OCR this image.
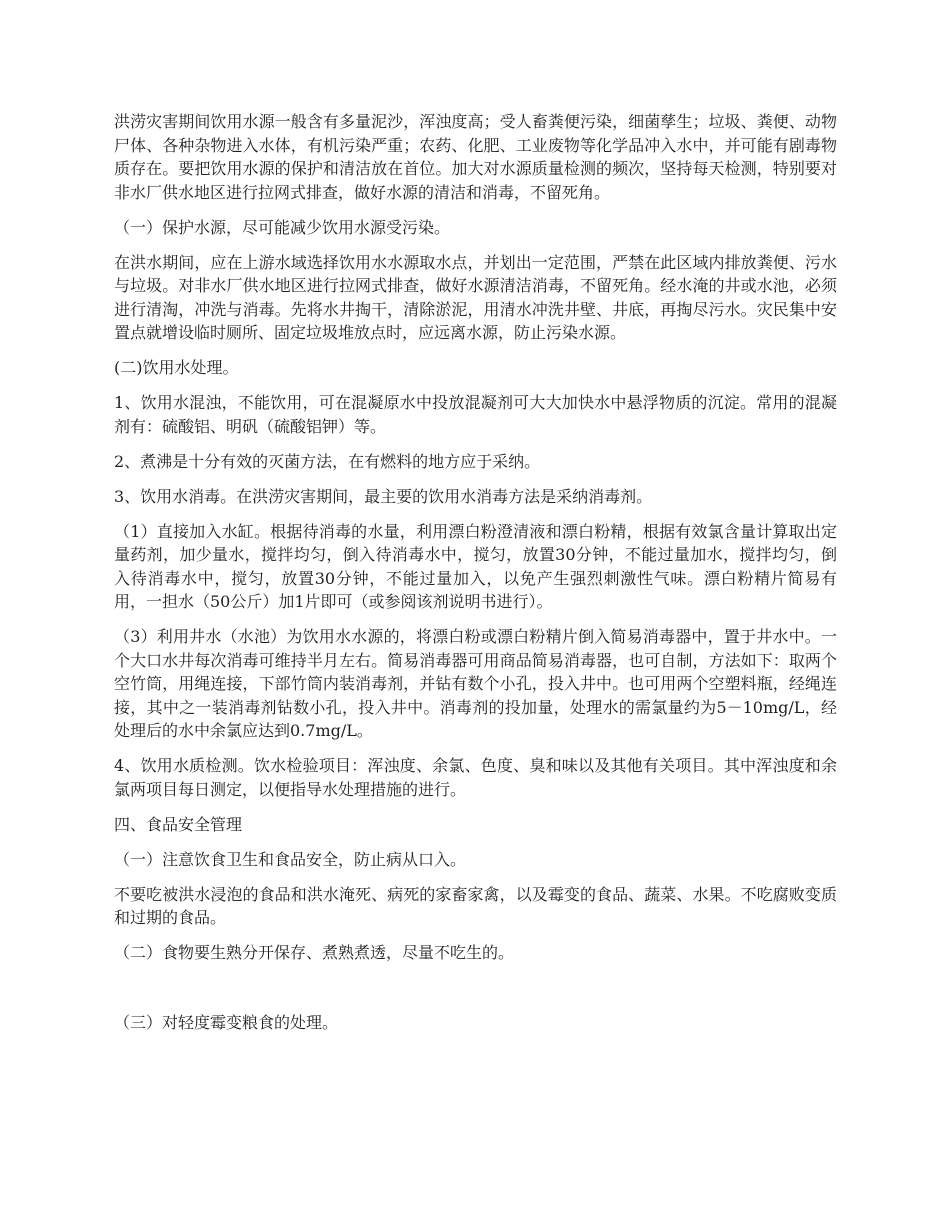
洪涝灾害期间饮用水源一般含有多量泥沙，浑浊度高；受人畜粪便污染，细菌孳生；垃圾、粪便、动物尸体、各种杂物进入水体，有机污染严重；农药、化肥、工业废物等化学品冲入水中，并可能有剧毒物质存在。要把饮用水源的保护和清洁放在首位。加大对水源质量检测的频次，坚持每天检测，特别要对非水厂供水地区进行拉网式排查，做好水源的清洁和消毒，不留死角。

（一）保护水源，尽可能减少饮用水源受污染。

在洪水期间，应在上游水域选择饮用水水源取水点，并划出一定范围，严禁在此区域内排放粪便、污水与垃圾。对非水厂供水地区进行拉网式排查，做好水源清洁消毒，不留死角。经水淹的井或水池，必须进行清淘，冲洗与消毒。先将水井掏干，清除淤泥，用清水冲洗井壁、井底，再掏尽污水。灾民集中安置点就增设临时厕所、固定垃圾堆放点时，应远离水源，防止污染水源。

(二)饮用水处理。

1、饮用水混浊，不能饮用，可在混凝原水中投放混凝剂可大大加快水中悬浮物质的沉淀。常用的混凝剂有：硫酸铝、明矾（硫酸铝钾）等。

2、煮沸是十分有效的灭菌方法，在有燃料的地方应于采纳。

3、饮用水消毒。在洪涝灾害期间，最主要的饮用水消毒方法是采纳消毒剂。

（1）直接加入水缸。根据待消毒的水量，利用漂白粉澄清液和漂白粉精，根据有效氯含量计算取出定量药剂，加少量水，搅拌均匀，倒入待消毒水中，搅匀，放置30分钟，不能过量加水，搅拌均匀，倒入待消毒水中，搅匀，放置30分钟，不能过量加入，以免产生强烈刺激性气味。漂白粉精片简易有用，一担水（50公斤）加1片即可（或参阅该剂说明书进行）。

（3）利用井水（水池）为饮用水水源的，将漂白粉或漂白粉精片倒入简易消毒器中，置于井水中。一个大口水井每次消毒可维持半月左右。简易消毒器可用商品简易消毒器，也可自制，方法如下：取两个空竹筒，用绳连接，下部竹筒内装消毒剂，并钻有数个小孔，投入井中。也可用两个空塑料瓶，经绳连接，其中之一装消毒剂钻数小孔，投入井中。消毒剂的投加量，处理水的需氯量约为5－10mg/L，经处理后的水中余氯应达到0.7mg/L。

4、饮用水质检测。饮水检验项目：浑浊度、余氯、色度、臭和味以及其他有关项目。其中浑浊度和余氯两项目每日测定，以便指导水处理措施的进行。

四、食品安全管理

（一）注意饮食卫生和食品安全，防止病从口入。

不要吃被洪水浸泡的食品和洪水淹死、病死的家畜家禽，以及霉变的食品、蔬菜、水果。不吃腐败变质和过期的食品。

（二）食物要生熟分开保存、煮熟煮透，尽量不吃生的。

（三）对轻度霉变粮食的处理。
